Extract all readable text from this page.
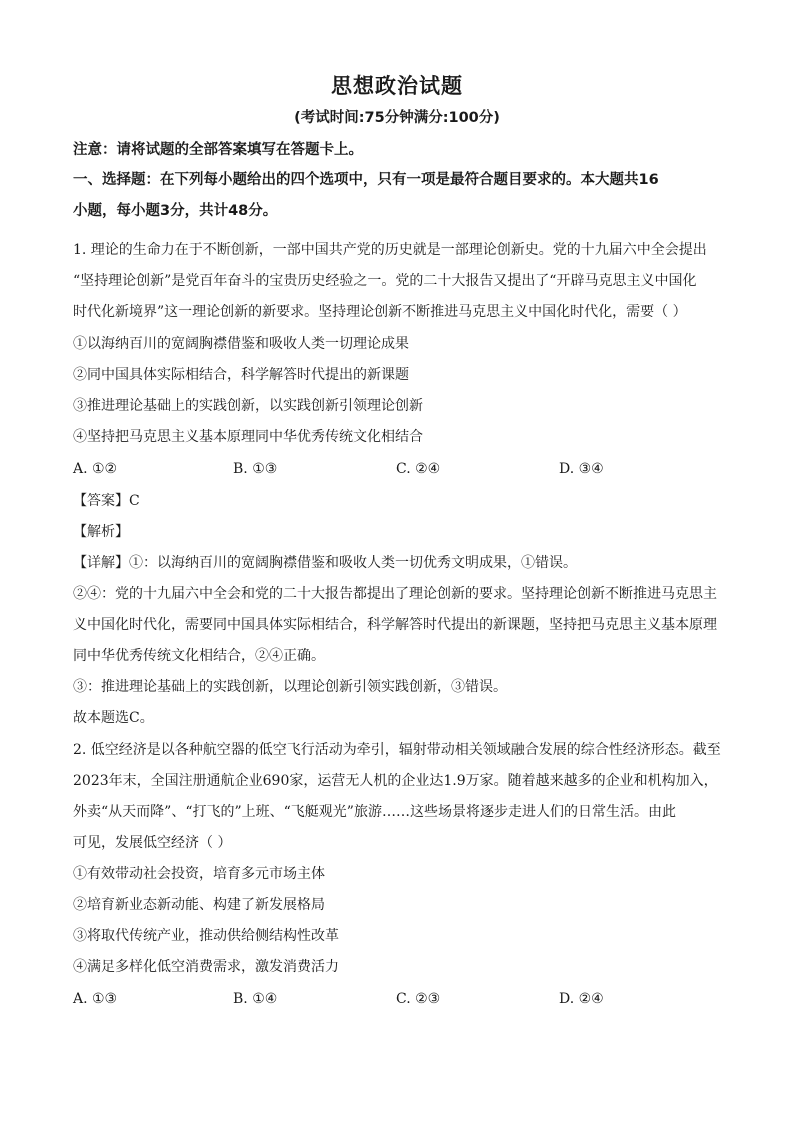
思想政治试题
(考试时间:75分钟满分:100分)
注意：请将试题的全部答案填写在答题卡上。
一、选择题：在下列每小题给出的四个选项中，只有一项是最符合题目要求的。本大题共16
小题，每小题3分，共计48分。
1. 理论的生命力在于不断创新，一部中国共产党的历史就是一部理论创新史。党的十九届六中全会提出
“坚持理论创新”是党百年奋斗的宝贵历史经验之一。党的二十大报告又提出了“开辟马克思主义中国化
时代化新境界”这一理论创新的新要求。坚持理论创新不断推进马克思主义中国化时代化，需要（ ）
①以海纳百川的宽阔胸襟借鉴和吸收人类一切理论成果
②同中国具体实际相结合，科学解答时代提出的新课题
③推进理论基础上的实践创新，以实践创新引领理论创新
④坚持把马克思主义基本原理同中华优秀传统文化相结合
A. ①②	B. ①③	C. ②④	D. ③④
【答案】C
【解析】
【详解】①：以海纳百川的宽阔胸襟借鉴和吸收人类一切优秀文明成果，①错误。
②④：党的十九届六中全会和党的二十大报告都提出了理论创新的要求。坚持理论创新不断推进马克思主
义中国化时代化，需要同中国具体实际相结合，科学解答时代提出的新课题，坚持把马克思主义基本原理
同中华优秀传统文化相结合，②④正确。
③：推进理论基础上的实践创新，以理论创新引领实践创新，③错误。
故本题选C。
2. 低空经济是以各种航空器的低空飞行活动为牵引，辐射带动相关领域融合发展的综合性经济形态。截至
2023年末，全国注册通航企业690家，运营无人机的企业达1.9万家。随着越来越多的企业和机构加入，
外卖“从天而降”、“打飞的”上班、“飞艇观光”旅游……这些场景将逐步走进人们的日常生活。由此
可见，发展低空经济（ ）
①有效带动社会投资，培育多元市场主体
②培育新业态新动能、构建了新发展格局
③将取代传统产业，推动供给侧结构性改革
④满足多样化低空消费需求，激发消费活力
A. ①③	B. ①④	C. ②③	D. ②④
